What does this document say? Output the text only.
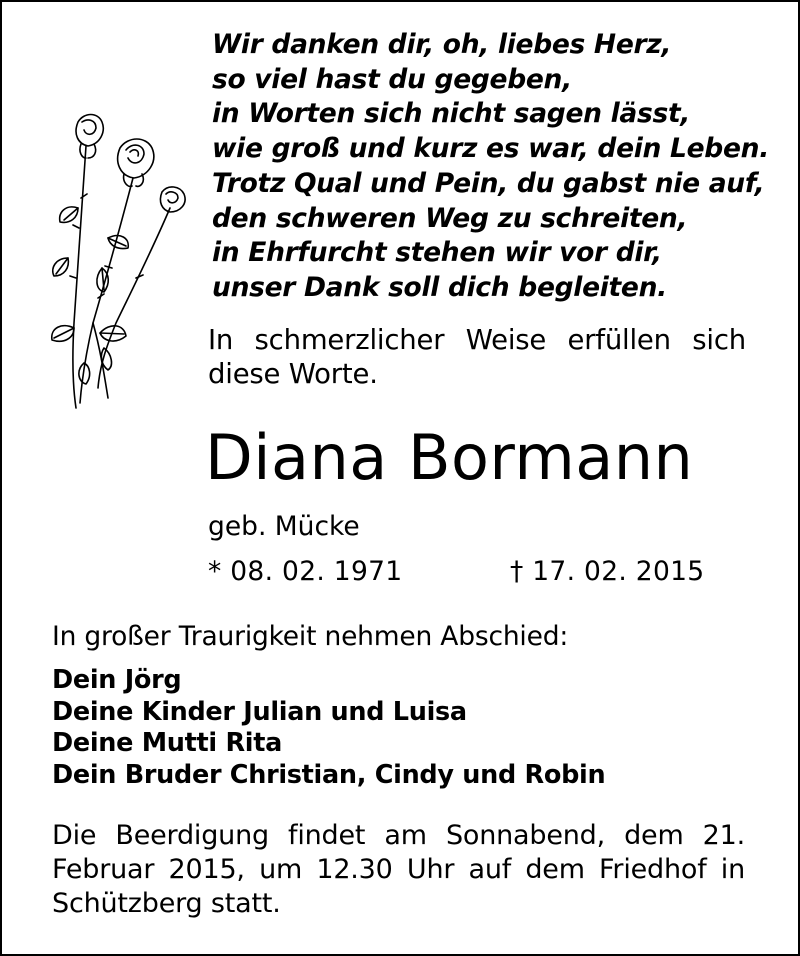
Wir danken dir, oh, liebes Herz,
so viel hast du gegeben,
in Worten sich nicht sagen lässt,
wie groß und kurz es war, dein Leben.
Trotz Qual und Pein, du gabst nie auf,
den schweren Weg zu schreiten,
in Ehrfurcht stehen wir vor dir,
unser Dank soll dich begleiten.
In schmerzlicher Weise erfüllen sich diese Worte.
Diana Bormann
geb. Mücke
* 08. 02. 1971	† 17. 02. 2015
In großer Traurigkeit nehmen Abschied:
Dein Jörg
Deine Kinder Julian und Luisa
Deine Mutti Rita
Dein Bruder Christian, Cindy und Robin
Die Beerdigung findet am Sonnabend, dem 21. Februar 2015, um 12.30 Uhr auf dem Friedhof in Schützberg statt.
